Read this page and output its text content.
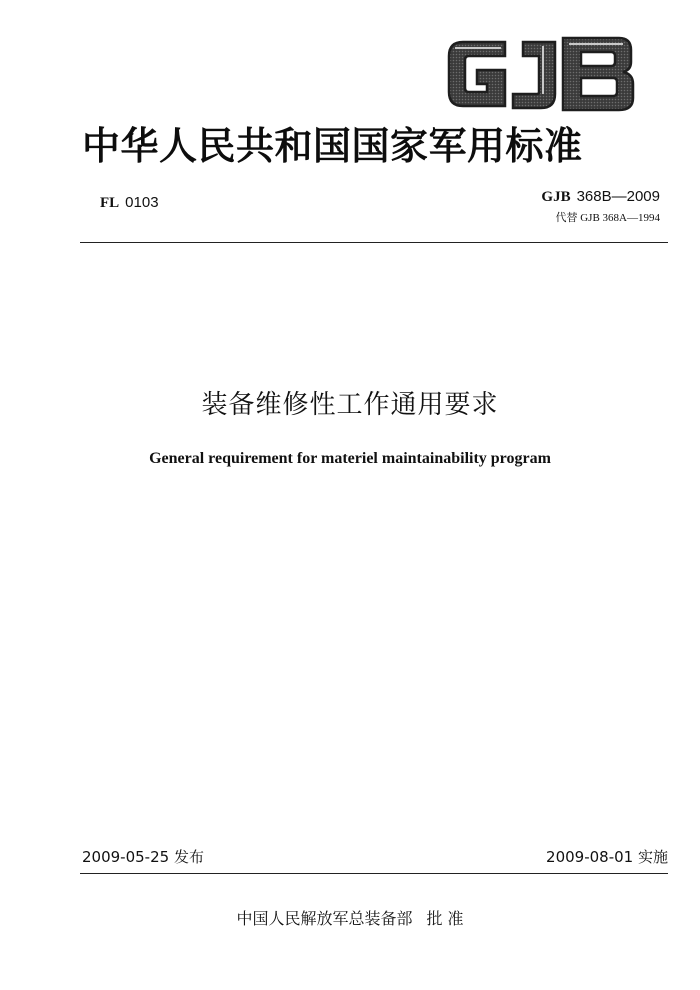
中华人民共和国国家军用标准
FL 0103	GJB 368B—2009
代替 GJB 368A—1994
装备维修性工作通用要求
General requirement for materiel maintainability program
2009-05-25 发布	2009-08-01 实施
中国人民解放军总装备部 批 准
